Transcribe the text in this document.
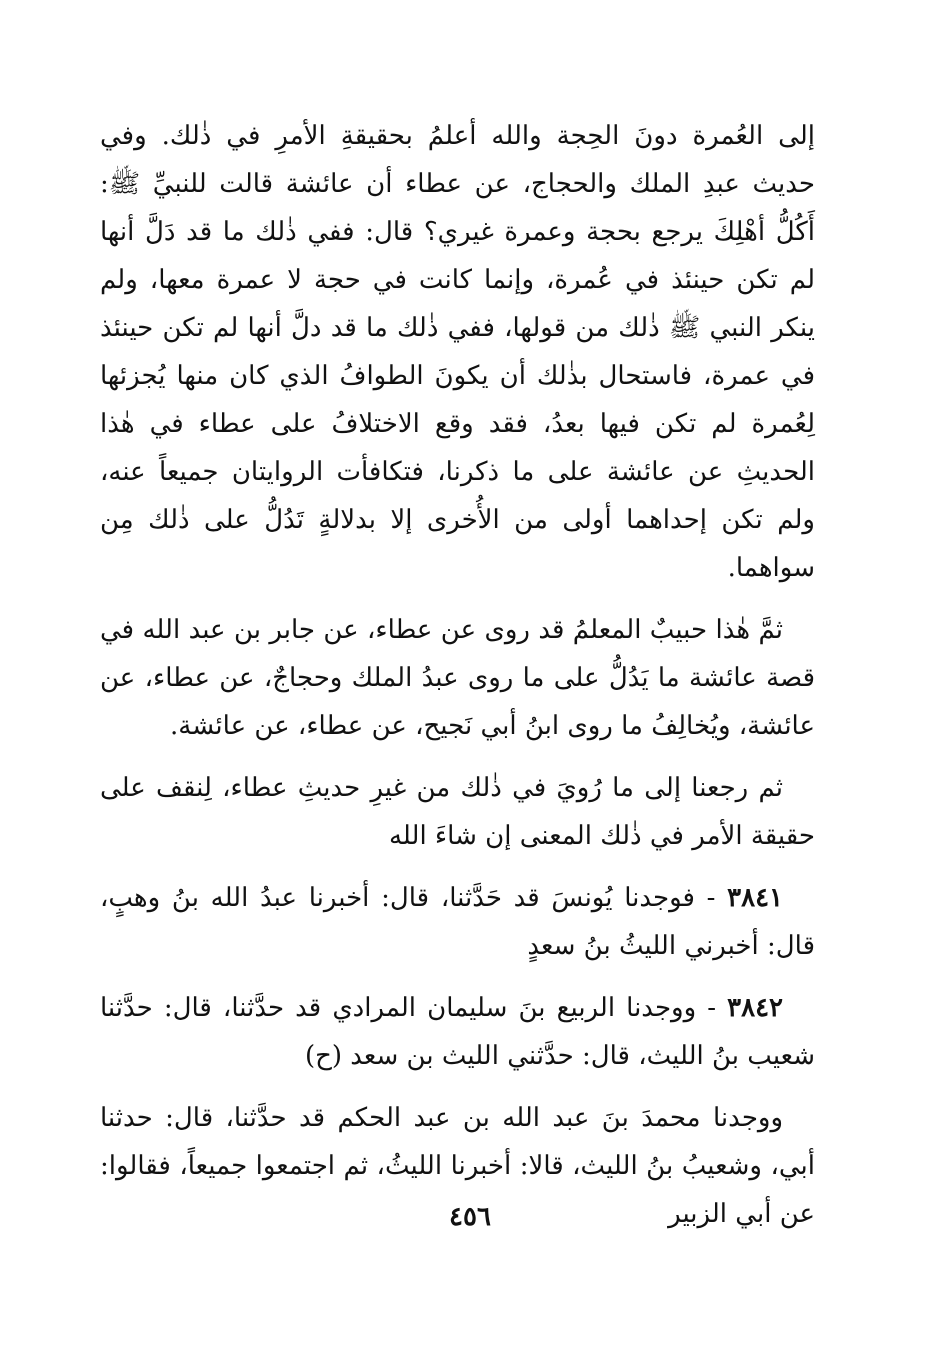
إلى العُمرة دونَ الحِجة والله أعلمُ بحقيقةِ الأمرِ في ذٰلك. وفي حديث عبدِ الملك والحجاج، عن عطاء أن عائشة قالت للنبيِّ ﷺ: أَكُلُّ أهْلِكَ يرجع بحجة وعمرة غيري؟ قال: ففي ذٰلك ما قد دَلَّ أنها لم تكن حينئذ في عُمرة، وإنما كانت في حجة لا عمرة معها، ولم ينكر النبي ﷺ ذٰلك من قولها، ففي ذٰلك ما قد دلَّ أنها لم تكن حينئذ في عمرة، فاستحال بذٰلك أن يكونَ الطوافُ الذي كان منها يُجزئها لِعُمرة لم تكن فيها بعدُ، فقد وقع الاختلافُ على عطاء في هٰذا الحديثِ عن عائشة على ما ذكرنا، فتكافأت الروايتان جميعاً عنه، ولم تكن إحداهما أولى من الأُخرى إلا بدلالةٍ تَدُلُّ على ذٰلك مِن سواهما.

ثمَّ هٰذا حبيبٌ المعلمُ قد روى عن عطاء، عن جابر بن عبد الله في قصة عائشة ما يَدُلُّ على ما روى عبدُ الملك وحجاجٌ، عن عطاء، عن عائشة، ويُخالِفُ ما روى ابنُ أبي نَجيح، عن عطاء، عن عائشة.

ثم رجعنا إلى ما رُويَ في ذٰلك من غيرِ حديثِ عطاء، لِنقف على حقيقة الأمر في ذٰلك المعنى إن شاءَ الله

٣٨٤١ - فوجدنا يُونسَ قد حَدَّثنا، قال: أخبرنا عبدُ الله بنُ وهبٍ، قال: أخبرني الليثُ بنُ سعدٍ

٣٨٤٢ - ووجدنا الربيع بنَ سليمان المرادي قد حدَّثنا، قال: حدَّثنا شعيب بنُ الليث، قال: حدَّثني الليث بن سعد (ح)

ووجدنا محمدَ بنَ عبد الله بن عبد الحكم قد حدَّثنا، قال: حدثنا أبي، وشعيبُ بنُ الليث، قالا: أخبرنا الليثُ، ثم اجتمعوا جميعاً، فقالوا: عن أبي الزبير

٤٥٦
